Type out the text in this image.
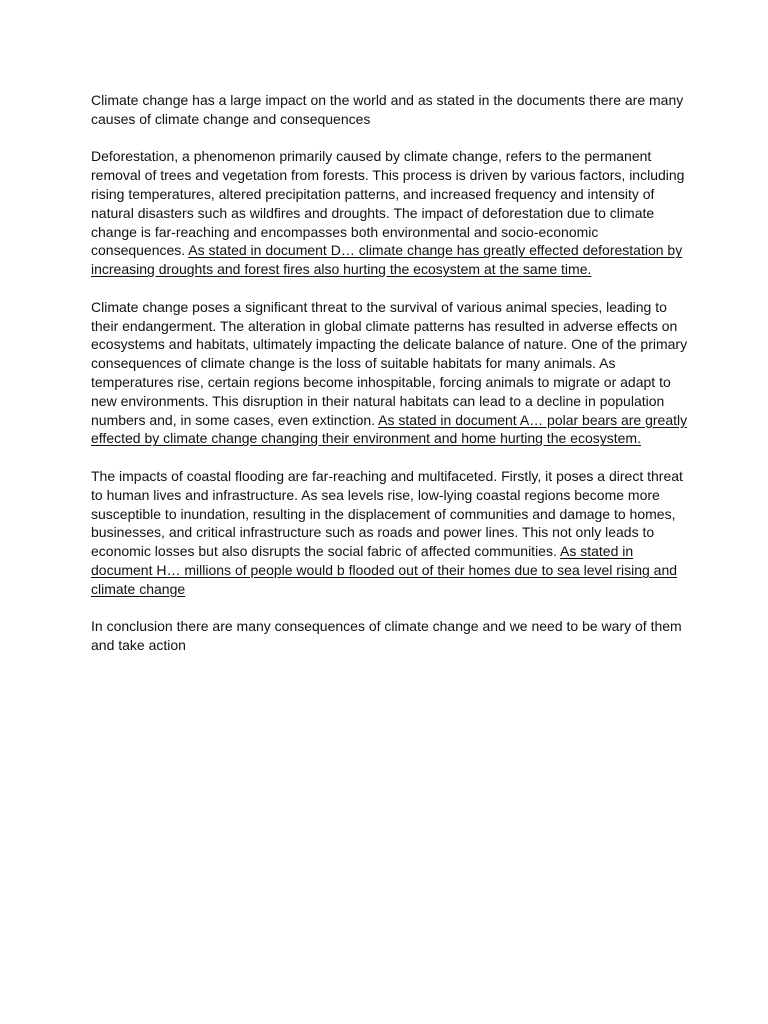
Climate change has a large impact on the world and as stated in the documents there are many causes of climate change and consequences

Deforestation, a phenomenon primarily caused by climate change, refers to the permanent removal of trees and vegetation from forests. This process is driven by various factors, including rising temperatures, altered precipitation patterns, and increased frequency and intensity of natural disasters such as wildfires and droughts. The impact of deforestation due to climate change is far-reaching and encompasses both environmental and socio-economic consequences. As stated in document D… climate change has greatly effected deforestation by increasing droughts and forest fires also hurting the ecosystem at the same time.

Climate change poses a significant threat to the survival of various animal species, leading to their endangerment. The alteration in global climate patterns has resulted in adverse effects on ecosystems and habitats, ultimately impacting the delicate balance of nature. One of the primary consequences of climate change is the loss of suitable habitats for many animals. As temperatures rise, certain regions become inhospitable, forcing animals to migrate or adapt to new environments. This disruption in their natural habitats can lead to a decline in population numbers and, in some cases, even extinction. As stated in document A… polar bears are greatly effected by climate change changing their environment and home hurting the ecosystem.

The impacts of coastal flooding are far-reaching and multifaceted. Firstly, it poses a direct threat to human lives and infrastructure. As sea levels rise, low-lying coastal regions become more susceptible to inundation, resulting in the displacement of communities and damage to homes, businesses, and critical infrastructure such as roads and power lines. This not only leads to economic losses but also disrupts the social fabric of affected communities. As stated in document H… millions of people would b flooded out of their homes due to sea level rising and climate change

In conclusion there are many consequences of climate change and we need to be wary of them and take action
